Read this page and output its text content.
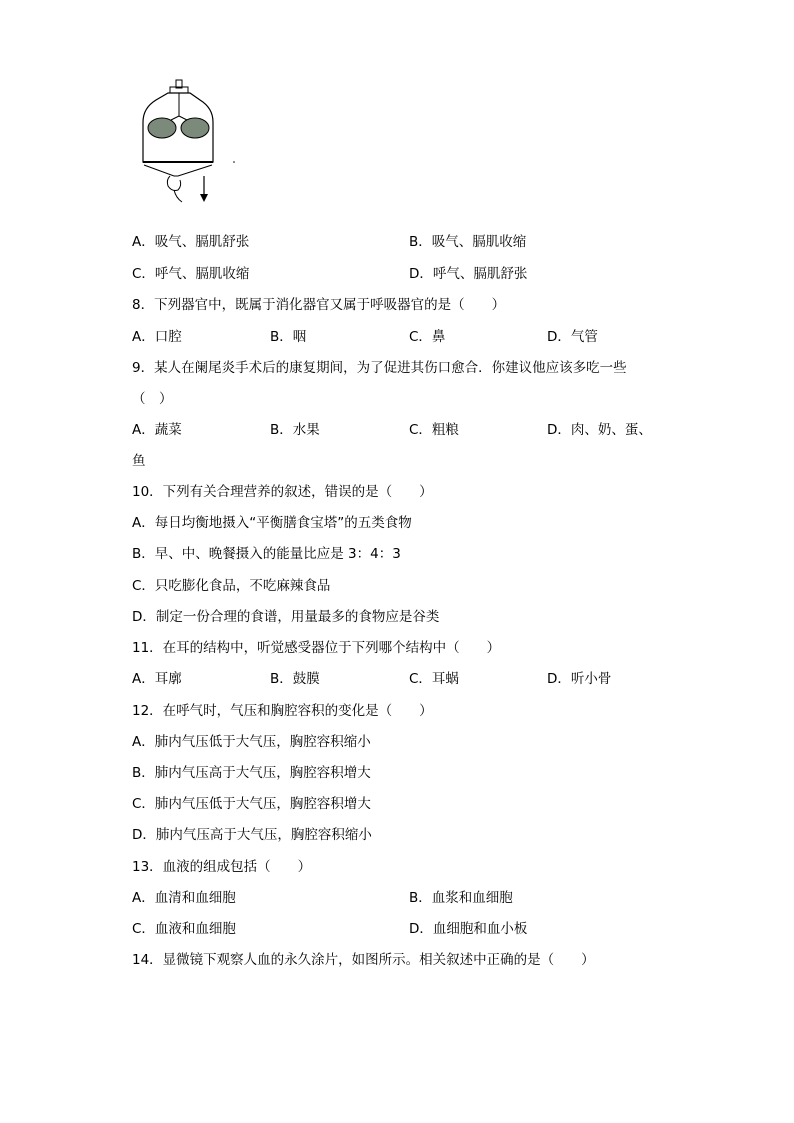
A．吸气、膈肌舒张	B．吸气、膈肌收缩
C．呼气、膈肌收缩	D．呼气、膈肌舒张
8．下列器官中，既属于消化器官又属于呼吸器官的是（　　）
A．口腔	B．咽	C．鼻	D．气管
9．某人在阑尾炎手术后的康复期间，为了促进其伤口愈合．你建议他应该多吃一些
（　）
A．蔬菜	B．水果	C．粗粮	D．肉、奶、蛋、
鱼
10．下列有关合理营养的叙述，错误的是（　　）
A．每日均衡地摄入“平衡膳食宝塔”的五类食物
B．早、中、晚餐摄入的能量比应是 3：4：3
C．只吃膨化食品，不吃麻辣食品
D．制定一份合理的食谱，用量最多的食物应是谷类
11．在耳的结构中，听觉感受器位于下列哪个结构中（　　）
A．耳廓	B．鼓膜	C．耳蜗	D．听小骨
12．在呼气时，气压和胸腔容积的变化是（　　）
A．肺内气压低于大气压，胸腔容积缩小
B．肺内气压高于大气压，胸腔容积增大
C．肺内气压低于大气压，胸腔容积增大
D．肺内气压高于大气压，胸腔容积缩小
13．血液的组成包括（　　）
A．血清和血细胞	B．血浆和血细胞
C．血液和血细胞	D．血细胞和血小板
14．显微镜下观察人血的永久涂片，如图所示。相关叙述中正确的是（　　）
